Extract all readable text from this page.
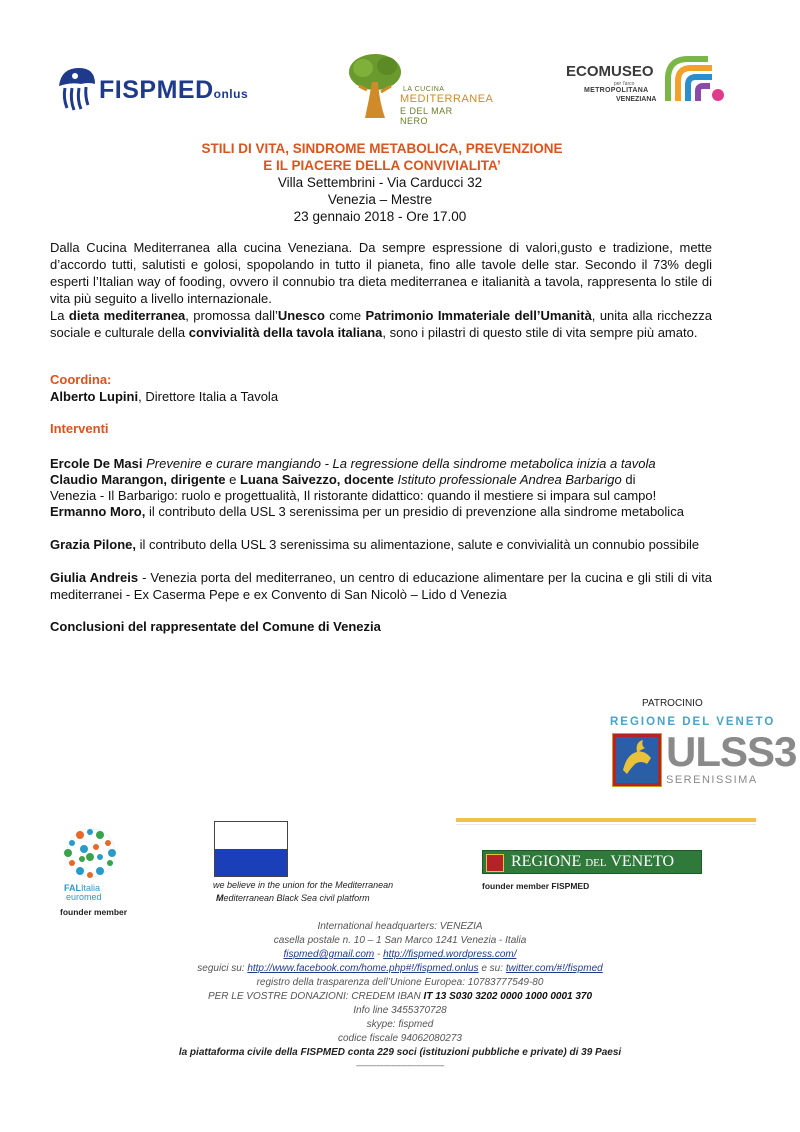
FISPMEDonlus	LA CUCINA
MEDITERRANEA
E DEL MAR NERO
ECOMUSEO
per l'arco
METROPOLITANA
VENEZIANA
STILI DI VITA, SINDROME METABOLICA, PREVENZIONE
E IL PIACERE DELLA CONVIVIALITA’
Villa Settembrini - Via Carducci 32
Venezia – Mestre
23 gennaio 2018 - Ore 17.00
Dalla Cucina Mediterranea alla cucina Veneziana. Da sempre espressione di valori,gusto e tradizione, mette d’accordo tutti, salutisti e golosi, spopolando in tutto il pianeta, fino alle tavole delle star. Secondo il 73% degli esperti l’Italian way of fooding, ovvero il connubio tra dieta mediterranea e italianità a tavola, rappresenta lo stile di vita più seguito a livello internazionale.
La dieta mediterranea, promossa dall’Unesco come Patrimonio Immateriale dell’Umanità, unita alla ricchezza sociale e culturale della convivialità della tavola italiana, sono i pilastri di questo stile di vita sempre più amato.
Coordina:
Alberto Lupini, Direttore Italia a Tavola
Interventi
Ercole De Masi Prevenire e curare mangiando - La regressione della sindrome metabolica inizia a tavola
Claudio Marangon, dirigente e Luana Saivezzo, docente Istituto professionale Andrea Barbarigo di
Venezia - Il Barbarigo: ruolo e progettualità, Il ristorante didattico: quando il mestiere si impara sul campo!
Ermanno Moro, il contributo della USL 3 serenissima per un presidio di prevenzione alla sindrome metabolica
Grazia Pilone, il contributo della USL 3 serenissima su alimentazione, salute e convivialità un connubio possibile
Giulia Andreis - Venezia porta del mediterraneo, un centro di educazione alimentare per la cucina e gli stili di vita mediterranei - Ex Caserma Pepe e ex Convento di San Nicolò – Lido d Venezia
Conclusioni del rappresentate del Comune di Venezia
PATROCINIO
REGIONE DEL VENETO
ULSS3
SERENISSIMA
FALItalia
euromed
founder member
we believe in the union for the Mediterranean
Mediterranean Black Sea civil platform
REGIONE DEL VENETO
founder member FISPMED
International headquarters: VENEZIA
casella postale n. 10 – 1 San Marco 1241 Venezia - Italia
fispmed@gmail.com - http://fispmed.wordpress.com/
seguici su: http://www.facebook.com/home.php#!/fispmed.onlus e su: twitter.com/#!/fispmed
registro della trasparenza dell’Unione Europea: 10783777549-80
PER LE VOSTRE DONAZIONI: CREDEM IBAN IT 13 S030 3202 0000 1000 0001 370
Info line 3455370728
skype: fispmed
codice fiscale 94062080273
la piattaforma civile della FISPMED conta 229 soci (istituzioni pubbliche e private) di 39 Paesi
------------------------------------------------
